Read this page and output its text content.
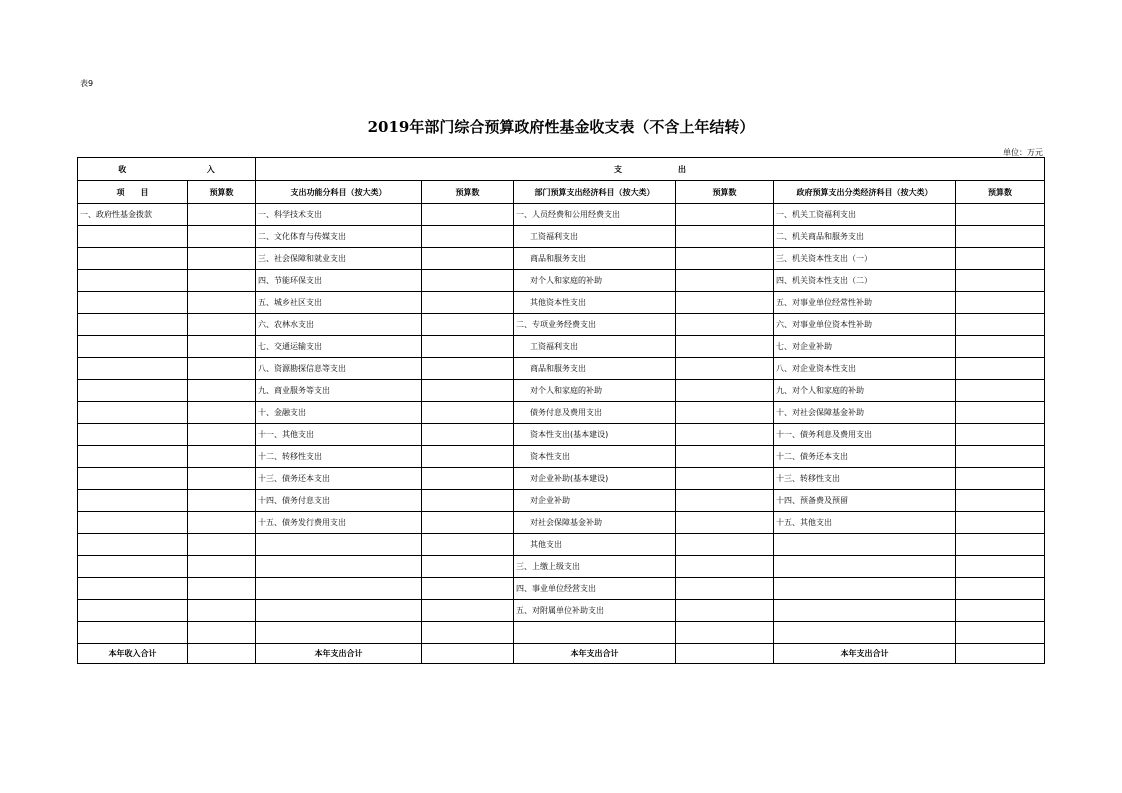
表9
2019年部门综合预算政府性基金收支表（不含上年结转）
单位：万元
收 入		支 出					
项　　目	预算数	支出功能分科目（按大类）	预算数	部门预算支出经济科目（按大类）	预算数	政府预算支出分类经济科目（按大类）	预算数
一、政府性基金拨款		一、科学技术支出		一、人员经费和公用经费支出		一、机关工资福利支出	
		二、文化体育与传媒支出		工资福利支出		二、机关商品和服务支出	
		三、社会保障和就业支出		商品和服务支出		三、机关资本性支出（一）	
		四、节能环保支出		对个人和家庭的补助		四、机关资本性支出（二）	
		五、城乡社区支出		其他资本性支出		五、对事业单位经常性补助	
		六、农林水支出		二、专项业务经费支出		六、对事业单位资本性补助	
		七、交通运输支出		工资福利支出		七、对企业补助	
		八、资源勘探信息等支出		商品和服务支出		八、对企业资本性支出	
		九、商业服务等支出		对个人和家庭的补助		九、对个人和家庭的补助	
		十、金融支出		债务付息及费用支出		十、对社会保障基金补助	
		十一、其他支出		资本性支出(基本建设)		十一、债务利息及费用支出	
		十二、转移性支出		资本性支出		十二、债务还本支出	
		十三、债务还本支出		对企业补助(基本建设)		十三、转移性支出	
		十四、债务付息支出		对企业补助		十四、预备费及预留	
		十五、债务发行费用支出		对社会保障基金补助		十五、其他支出	
				其他支出			
				三、上缴上级支出			
				四、事业单位经营支出			
				五、对附属单位补助支出			

本年收入合计		本年支出合计		本年支出合计		本年支出合计	
